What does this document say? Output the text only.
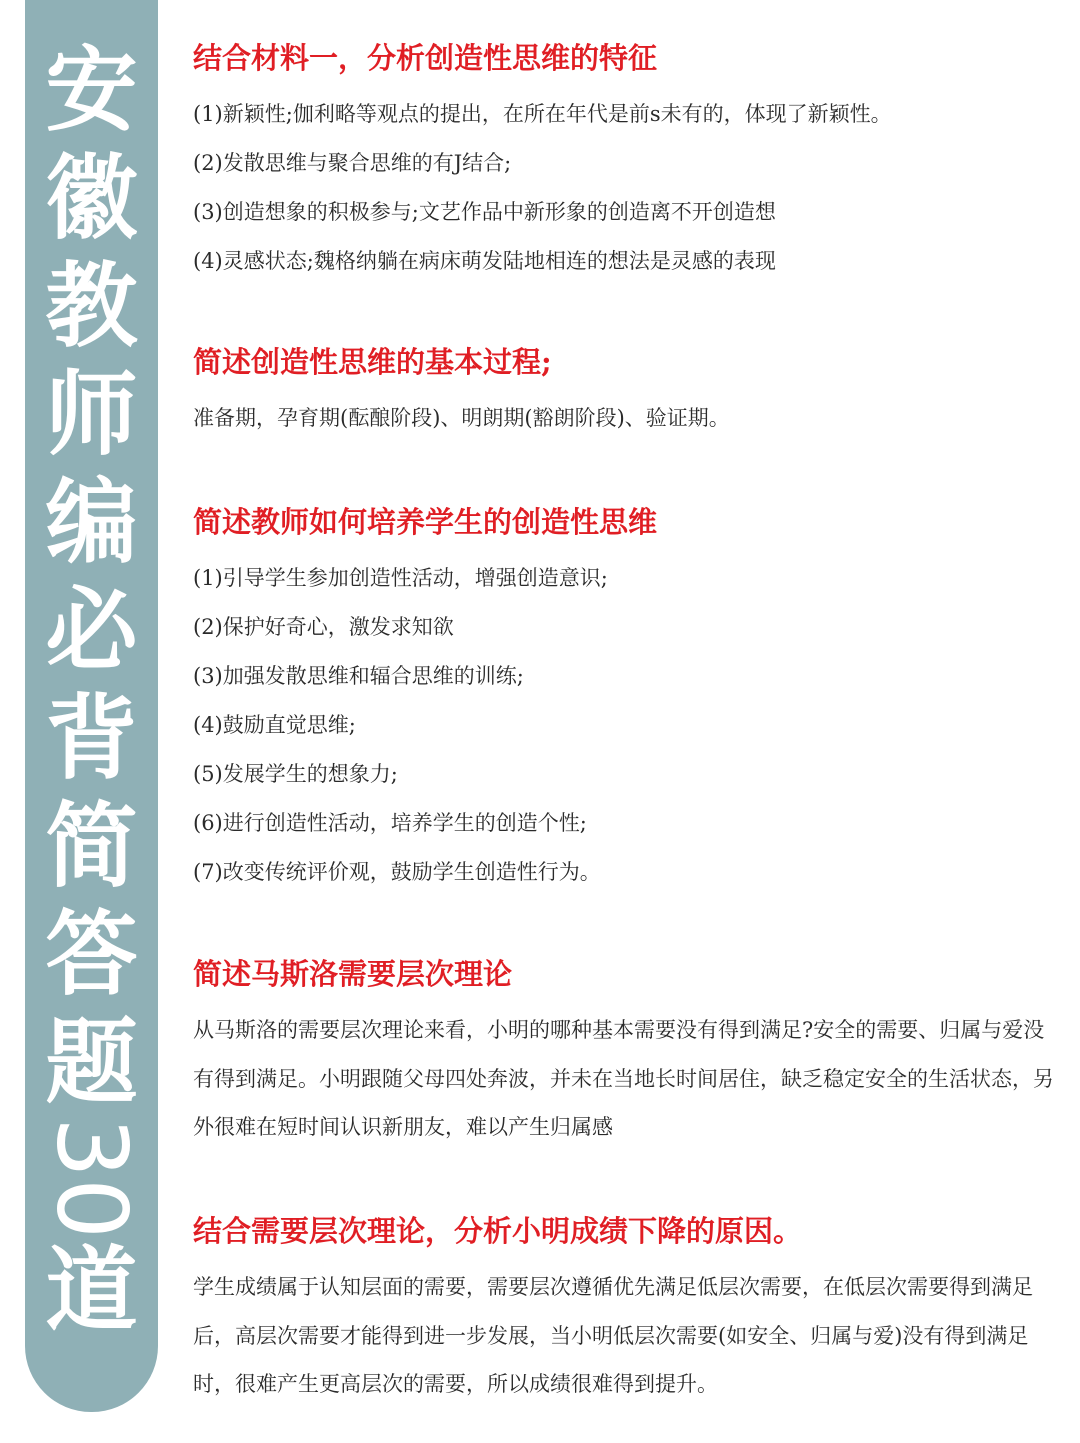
安
徽
教
师
编
必
背
简
答
题
30
道
结合材料一，分析创造性思维的特征

(1)新颖性;伽利略等观点的提出，在所在年代是前s未有的，体现了新颖性。

(2)发散思维与聚合思维的有J结合;

(3)创造想象的积极参与;文艺作品中新形象的创造离不开创造想

(4)灵感状态;魏格纳躺在病床萌发陆地相连的想法是灵感的表现

简述创造性思维的基本过程;

准备期，孕育期(酝酿阶段)、明朗期(豁朗阶段)、验证期。

简述教师如何培养学生的创造性思维

(1)引导学生参加创造性活动，增强创造意识;

(2)保护好奇心，激发求知欲

(3)加强发散思维和辐合思维的训练;

(4)鼓励直觉思维;

(5)发展学生的想象力;

(6)进行创造性活动，培养学生的创造个性;

(7)改变传统评价观，鼓励学生创造性行为。

简述马斯洛需要层次理论

从马斯洛的需要层次理论来看，小明的哪种基本需要没有得到满足?安全的需要、归属与爱没有得到满足。小明跟随父母四处奔波，并未在当地长时间居住，缺乏稳定安全的生活状态，另外很难在短时间认识新朋友，难以产生归属感

结合需要层次理论，分析小明成绩下降的原因。

学生成绩属于认知层面的需要，需要层次遵循优先满足低层次需要，在低层次需要得到满足后，高层次需要才能得到进一步发展，当小明低层次需要(如安全、归属与爱)没有得到满足时，很难产生更高层次的需要，所以成绩很难得到提升。
